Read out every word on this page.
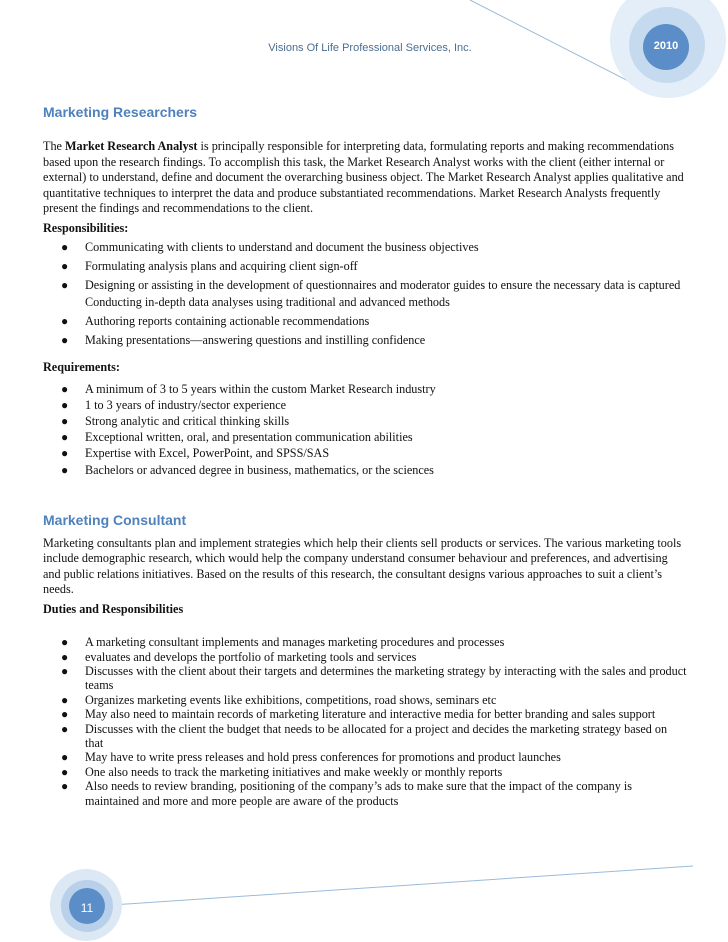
Visions Of Life Professional Services, Inc.	2010
11
Marketing Researchers

The Market Research Analyst is principally responsible for interpreting data, formulating reports and making recommendations based upon the research findings. To accomplish this task, the Market Research Analyst works with the client (either internal or external) to understand, define and document the overarching business object. The Market Research Analyst applies qualitative and quantitative techniques to interpret the data and produce substantiated recommendations. Market Research Analysts frequently present the findings and recommendations to the client.

Responsibilities:
● Communicating with clients to understand and document the business objectives
● Formulating analysis plans and acquiring client sign-off
● Designing or assisting in the development of questionnaires and moderator guides to ensure the necessary data is captured Conducting in-depth data analyses using traditional and advanced methods
● Authoring reports containing actionable recommendations
● Making presentations—answering questions and instilling confidence
Requirements:
● A minimum of 3 to 5 years within the custom Market Research industry
● 1 to 3 years of industry/sector experience
● Strong analytic and critical thinking skills
● Exceptional written, oral, and presentation communication abilities
● Expertise with Excel, PowerPoint, and SPSS/SAS
● Bachelors or advanced degree in business, mathematics, or the sciences
Marketing Consultant

Marketing consultants plan and implement strategies which help their clients sell products or services. The various marketing tools include demographic research, which would help the company understand consumer behaviour and preferences, and advertising and public relations initiatives. Based on the results of this research, the consultant designs various approaches to suit a client’s needs.

Duties and Responsibilities
● A marketing consultant implements and manages marketing procedures and processes
● evaluates and develops the portfolio of marketing tools and services
● Discusses with the client about their targets and determines the marketing strategy by interacting with the sales and product teams
● Organizes marketing events like exhibitions, competitions, road shows, seminars etc
● May also need to maintain records of marketing literature and interactive media for better branding and sales support
● Discusses with the client the budget that needs to be allocated for a project and decides the marketing strategy based on that
● May have to write press releases and hold press conferences for promotions and product launches
● One also needs to track the marketing initiatives and make weekly or monthly reports
● Also needs to review branding, positioning of the company’s ads to make sure that the impact of the company is maintained and more and more people are aware of the products
